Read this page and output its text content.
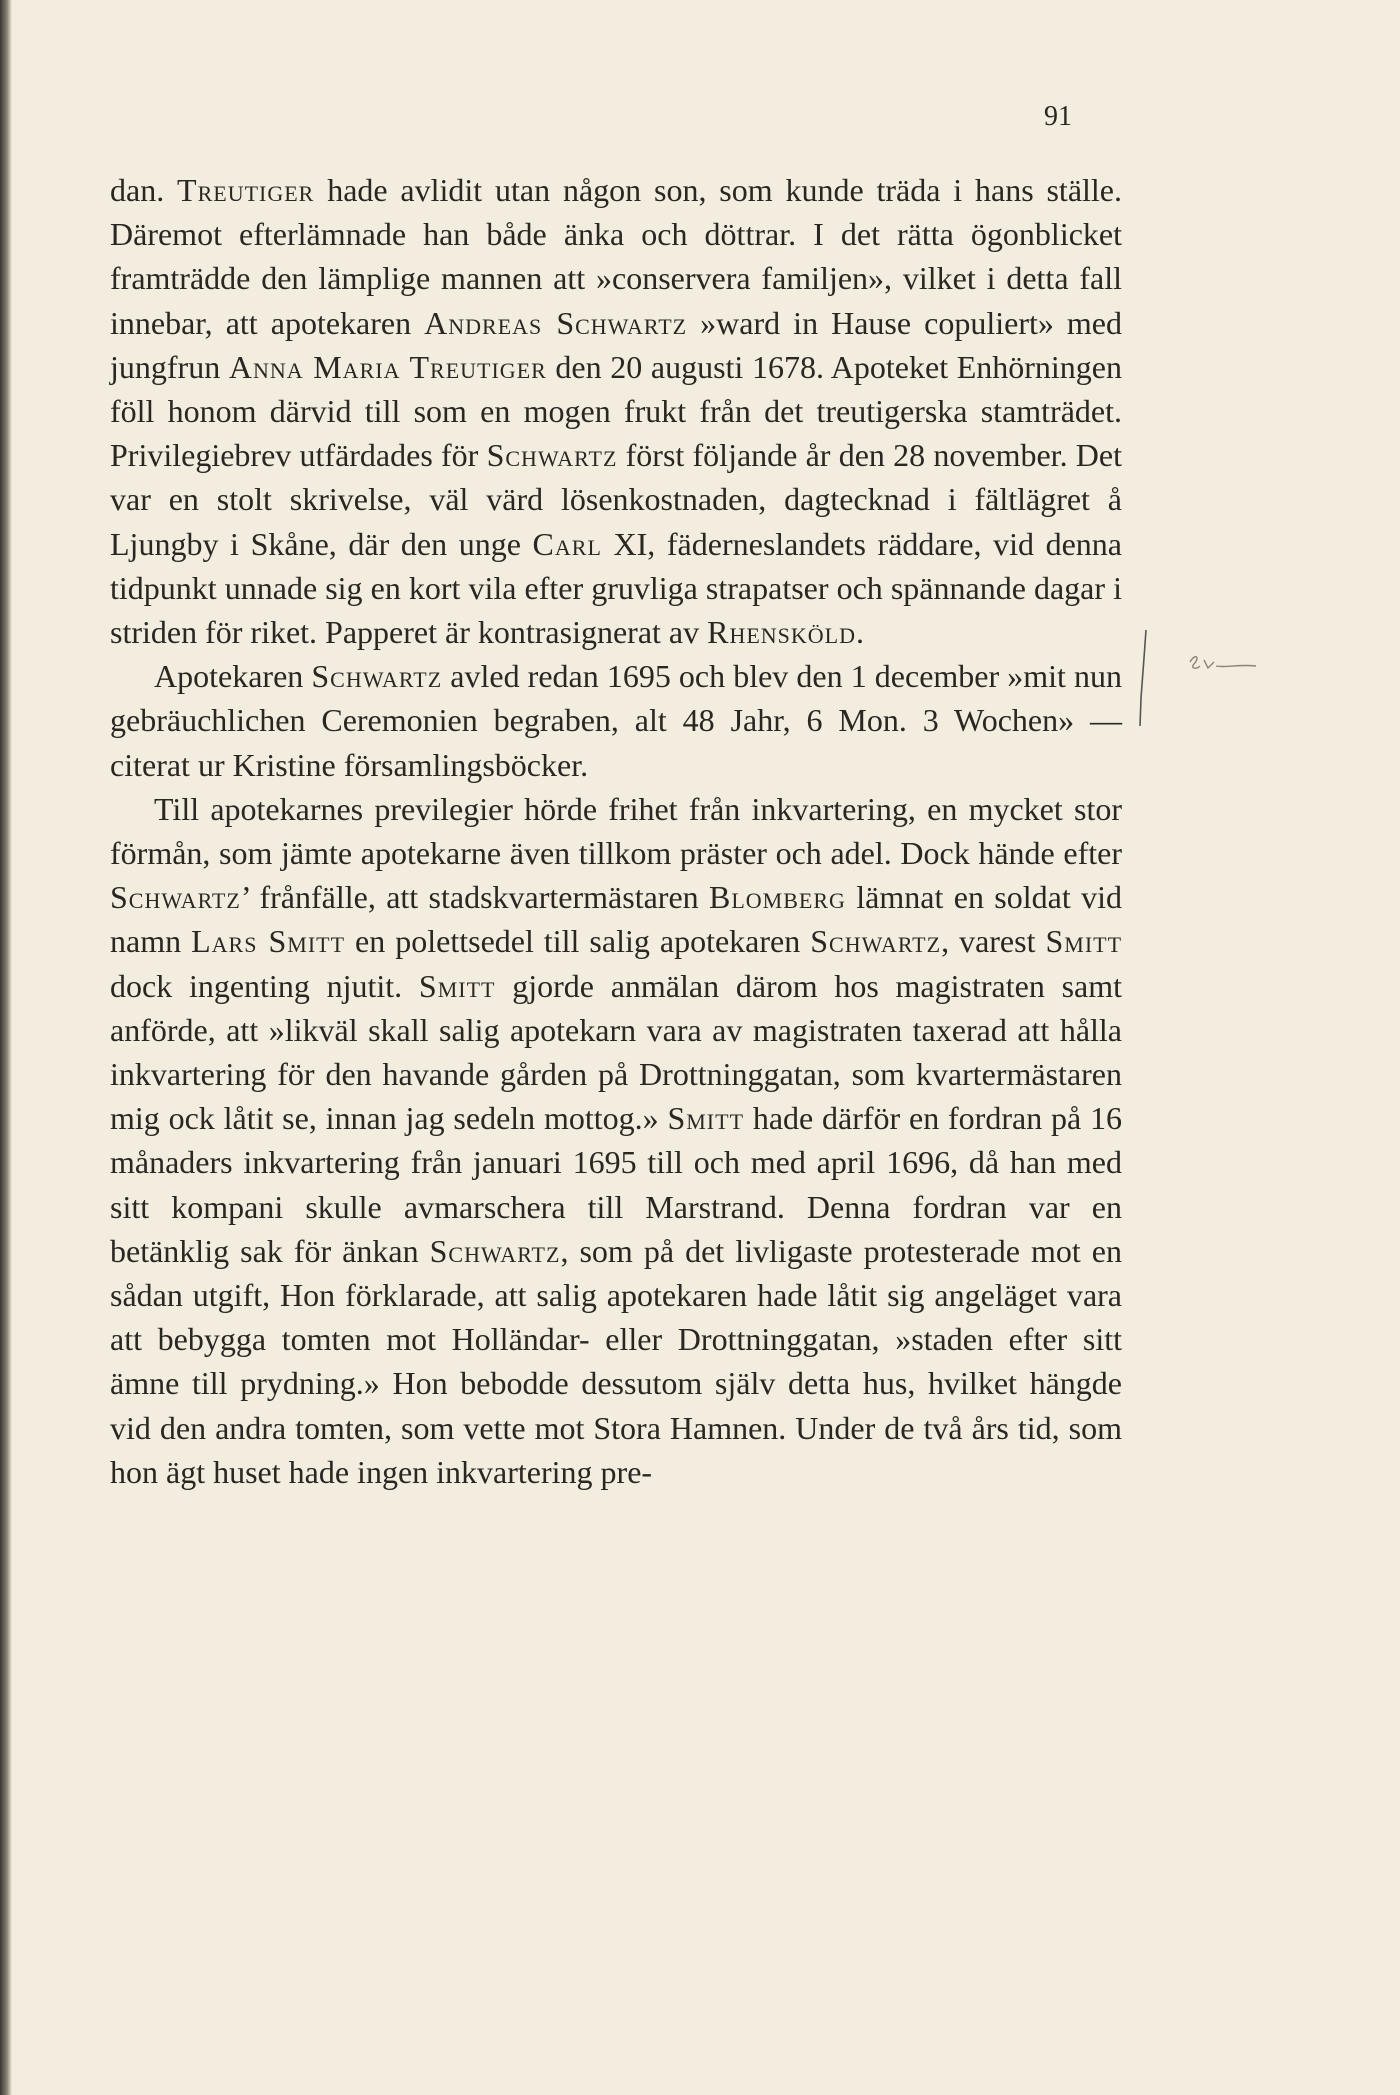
91

dan. Treutiger hade avlidit utan någon son, som kunde träda i hans ställe. Däremot efterlämnade han både änka och döttrar. I det rätta ögonblicket framträdde den lämplige mannen att »conservera familjen», vilket i detta fall innebar, att apotekaren Andreas Schwartz »ward in Hause copuliert» med jungfrun Anna Maria Treutiger den 20 augusti 1678. Apoteket Enhörningen föll honom därvid till som en mogen frukt från det treutigerska stamträdet. Privilegiebrev utfärdades för Schwartz först följande år den 28 november. Det var en stolt skrivelse, väl värd lösenkostnaden, dagtecknad i fältlägret å Ljungby i Skåne, där den unge Carl XI, fäderneslandets räddare, vid denna tidpunkt unnade sig en kort vila efter gruvliga strapatser och spännande dagar i striden för riket. Papperet är kontrasignerat av Rhensköld.

Apotekaren Schwartz avled redan 1695 och blev den 1 december »mit nun gebräuchlichen Ceremonien begraben, alt 48 Jahr, 6 Mon. 3 Wochen» — citerat ur Kristine församlingsböcker.

Till apotekarnes previlegier hörde frihet från inkvartering, en mycket stor förmån, som jämte apotekarne även tillkom präster och adel. Dock hände efter Schwartz’ frånfälle, att stadskvartermästaren Blomberg lämnat en soldat vid namn Lars Smitt en polettsedel till salig apotekaren Schwartz, varest Smitt dock ingenting njutit. Smitt gjorde anmälan därom hos magistraten samt anförde, att »likväl skall salig apotekarn vara av magistraten taxerad att hålla inkvartering för den havande gården på Drottninggatan, som kvartermästaren mig ock låtit se, innan jag sedeln mottog.» Smitt hade därför en fordran på 16 månaders inkvartering från januari 1695 till och med april 1696, då han med sitt kompani skulle avmarschera till Marstrand. Denna fordran var en betänklig sak för änkan Schwartz, som på det livligaste protesterade mot en sådan utgift, Hon förklarade, att salig apotekaren hade låtit sig angeläget vara att bebygga tomten mot Holländar- eller Drottninggatan, »staden efter sitt ämne till prydning.» Hon bebodde dessutom själv detta hus, hvilket hängde vid den andra tomten, som vette mot Stora Hamnen. Under de två års tid, som hon ägt huset hade ingen inkvartering pre-
